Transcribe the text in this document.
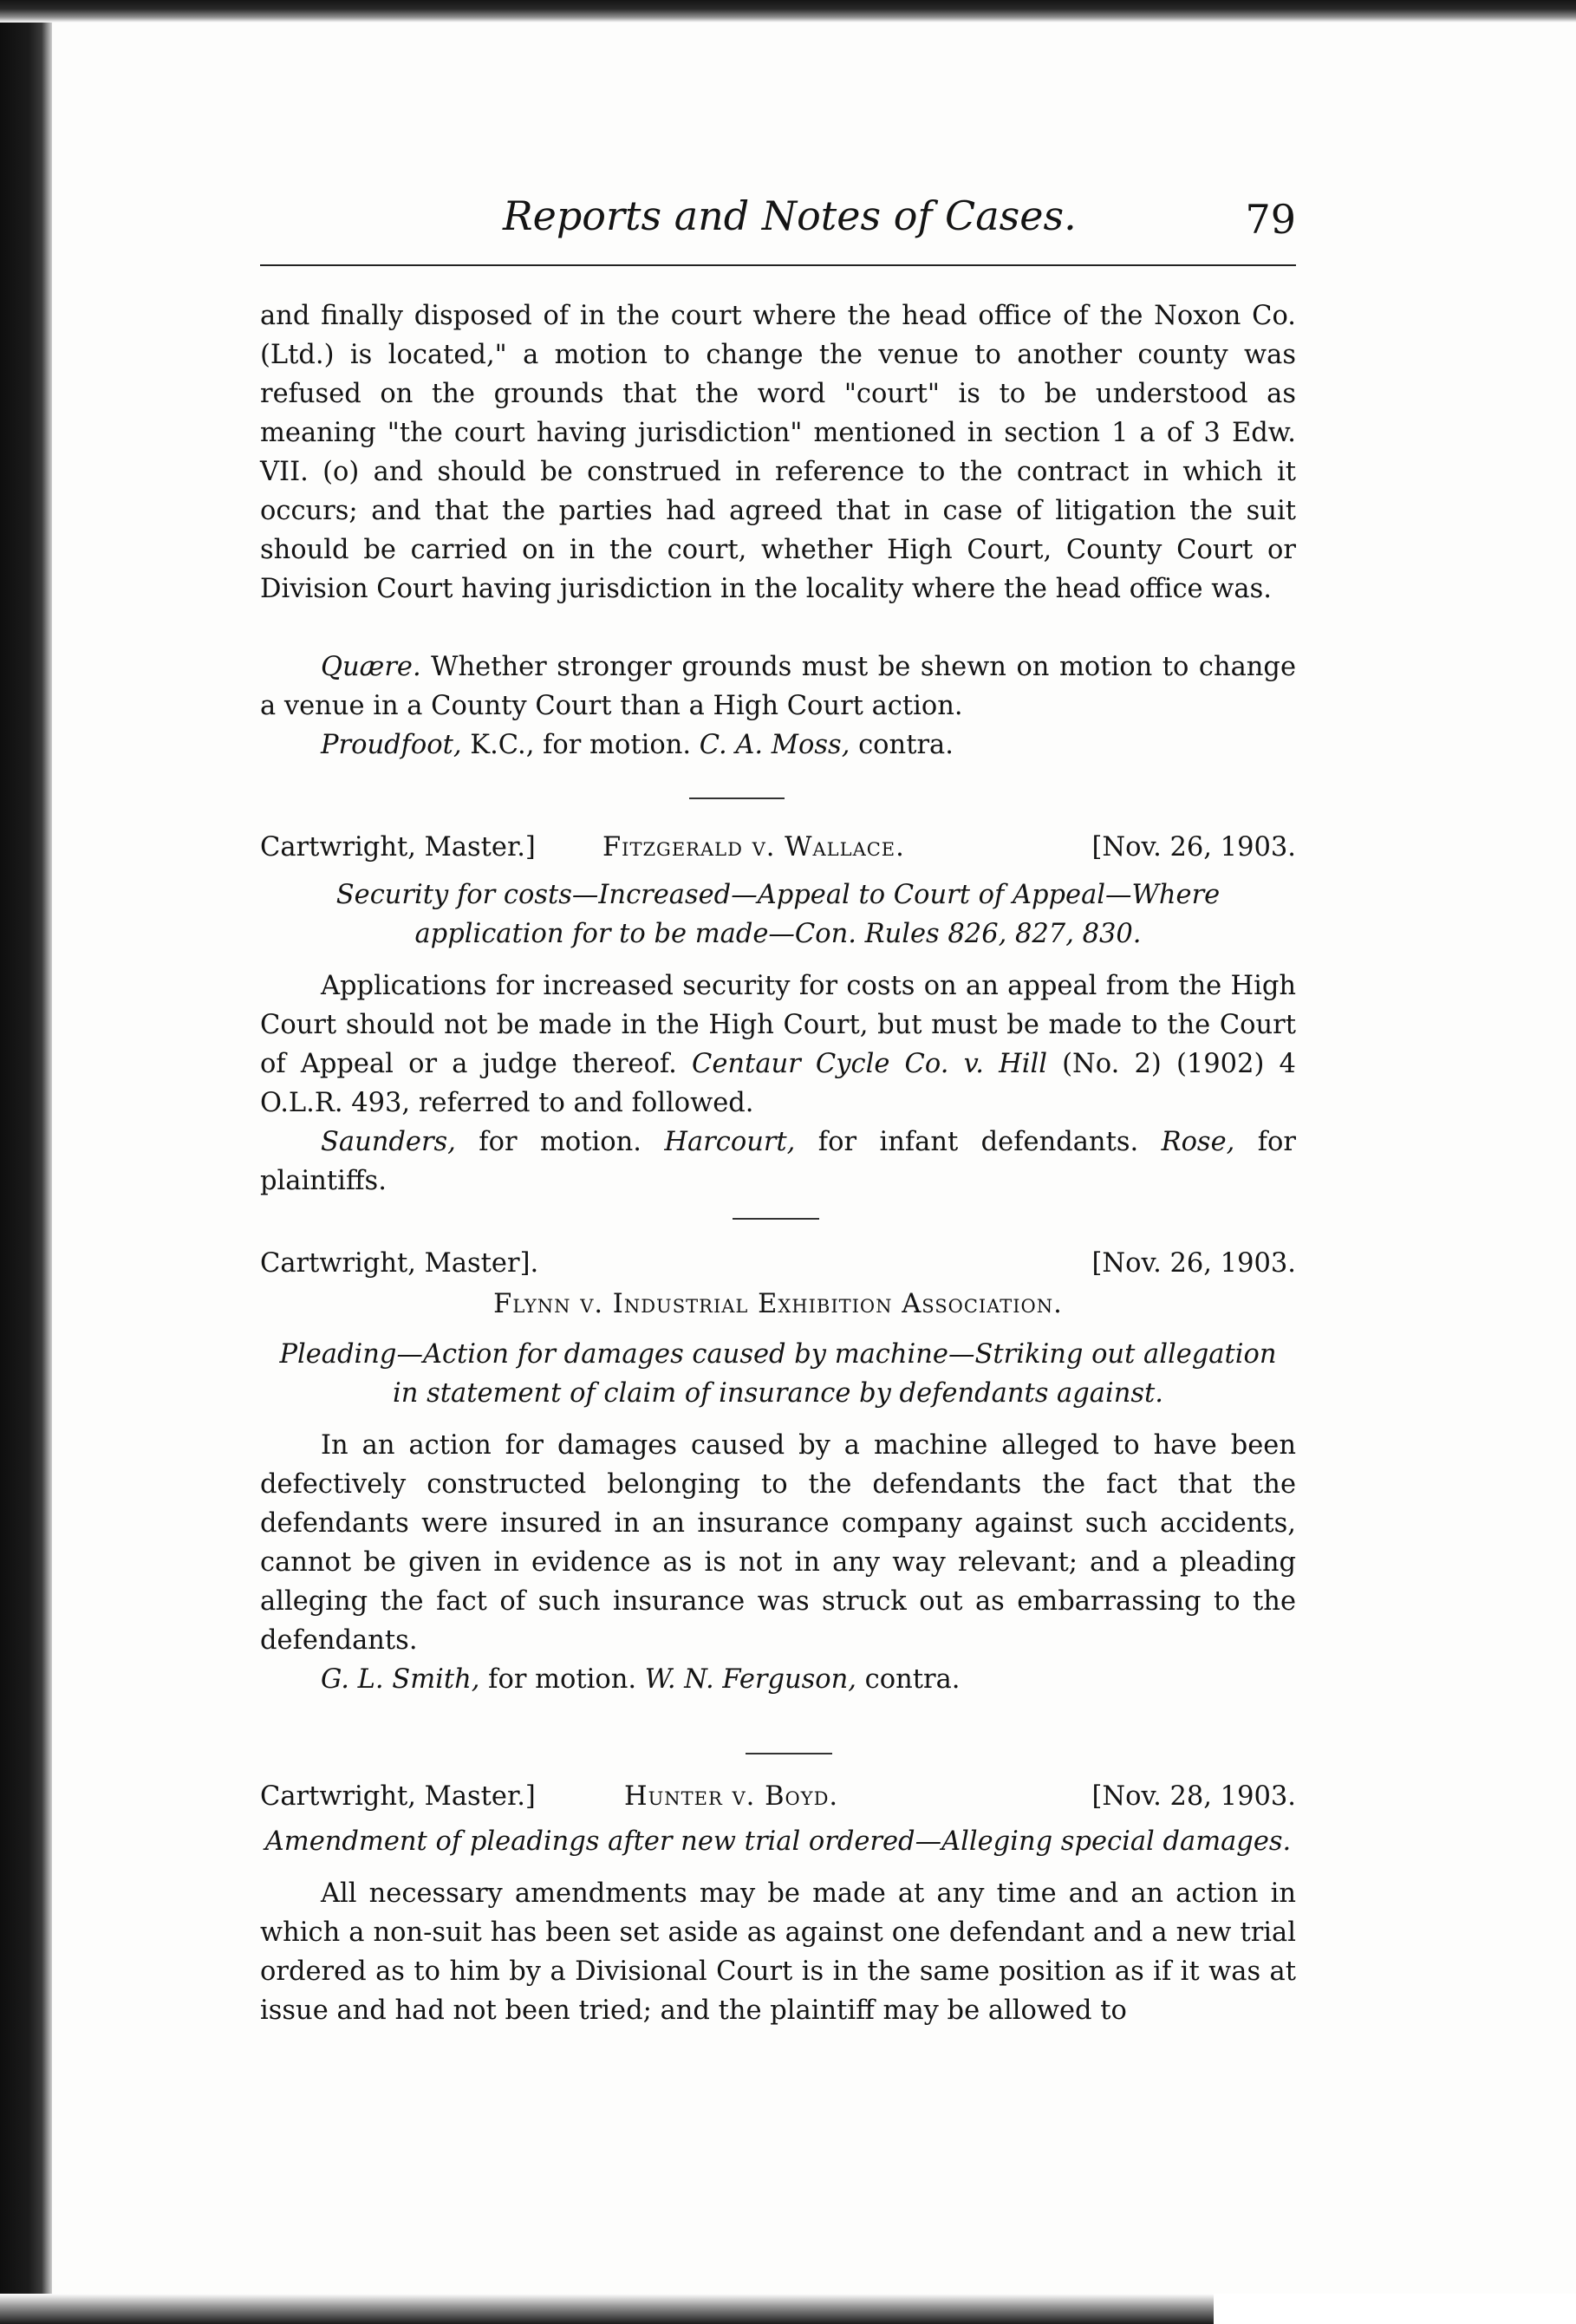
Reports and Notes of Cases.	79

and finally disposed of in the court where the head office of the Noxon Co. (Ltd.) is located," a motion to change the venue to another county was refused on the grounds that the word "court" is to be understood as meaning "the court having jurisdiction" mentioned in section 1 a of 3 Edw. VII. (o) and should be construed in reference to the contract in which it occurs; and that the parties had agreed that in case of litigation the suit should be carried on in the court, whether High Court, County Court or Division Court having jurisdiction in the locality where the head office was.

Quære. Whether stronger grounds must be shewn on motion to change a venue in a County Court than a High Court action.

Proudfoot, K.C., for motion. C. A. Moss, contra.

Cartwright, Master.]	Fitzgerald v. Wallace.	[Nov. 26, 1903.

Security for costs—Increased—Appeal to Court of Appeal—Where application for to be made—Con. Rules 826, 827, 830.

Applications for increased security for costs on an appeal from the High Court should not be made in the High Court, but must be made to the Court of Appeal or a judge thereof. Centaur Cycle Co. v. Hill (No. 2) (1902) 4 O.L.R. 493, referred to and followed.

Saunders, for motion. Harcourt, for infant defendants. Rose, for plaintiffs.

Cartwright, Master].	[Nov. 26, 1903.

Flynn v. Industrial Exhibition Association.

Pleading—Action for damages caused by machine—Striking out allegation in statement of claim of insurance by defendants against.

In an action for damages caused by a machine alleged to have been defectively constructed belonging to the defendants the fact that the defendants were insured in an insurance company against such accidents, cannot be given in evidence as is not in any way relevant; and a pleading alleging the fact of such insurance was struck out as embarrassing to the defendants.

G. L. Smith, for motion. W. N. Ferguson, contra.

Cartwright, Master.]	Hunter v. Boyd.	[Nov. 28, 1903.

Amendment of pleadings after new trial ordered—Alleging special damages.

All necessary amendments may be made at any time and an action in which a non-suit has been set aside as against one defendant and a new trial ordered as to him by a Divisional Court is in the same position as if it was at issue and had not been tried; and the plaintiff may be allowed to
